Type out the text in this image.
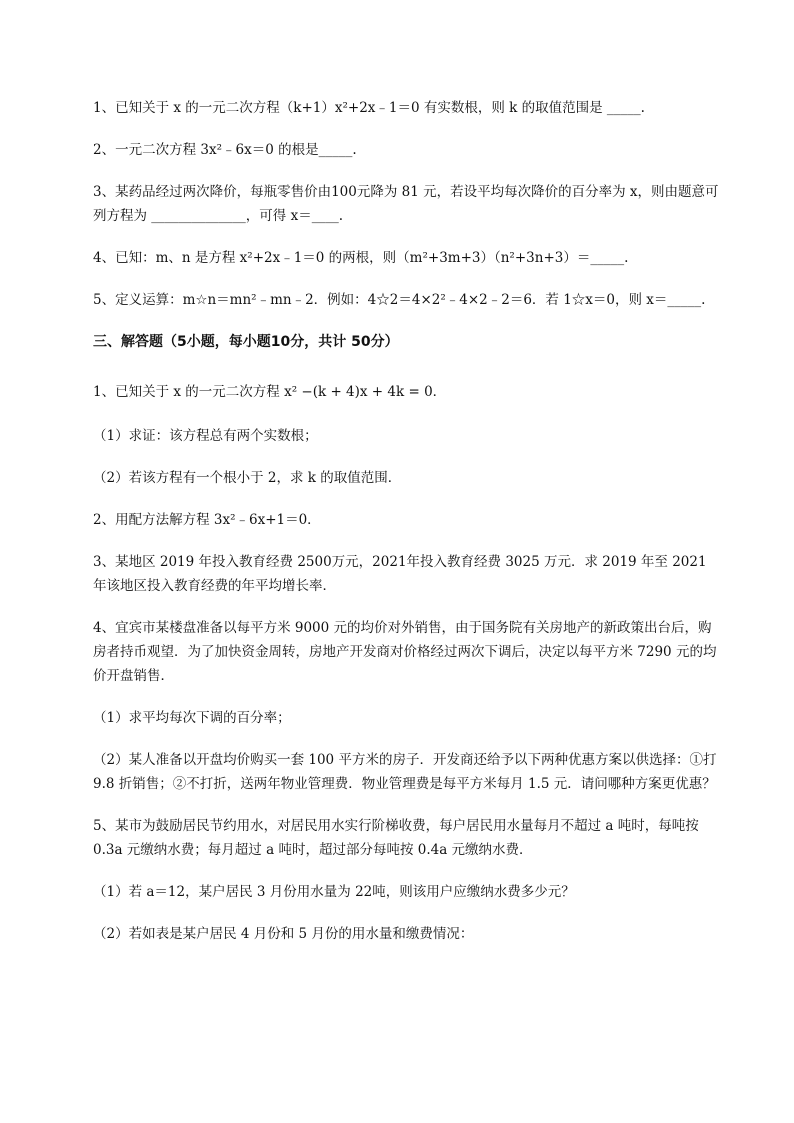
1、已知关于 x 的一元二次方程（k+1）x²+2x﹣1＝0 有实数根，则 k 的取值范围是 _____.
2、一元二次方程 3x²﹣6x＝0 的根是_____.
3、某药品经过两次降价，每瓶零售价由100元降为 81 元，若设平均每次降价的百分率为 x，则由题意可列方程为 ______________，可得 x＝____.
4、已知：m、n 是方程 x²+2x﹣1＝0 的两根，则（m²+3m+3）（n²+3n+3）＝_____.
5、定义运算：m☆n＝mn²﹣mn﹣2．例如：4☆2＝4×2²﹣4×2﹣2＝6．若 1☆x＝0，则 x＝_____.
三、解答题（5小题，每小题10分，共计 50分）
1、已知关于 x 的一元二次方程 x² −(k + 4)x + 4k = 0．
（1）求证：该方程总有两个实数根；
（2）若该方程有一个根小于 2，求 k 的取值范围．
2、用配方法解方程 3x²﹣6x+1＝0．
3、某地区 2019 年投入教育经费 2500万元，2021年投入教育经费 3025 万元．求 2019 年至 2021 年该地区投入教育经费的年平均增长率．
4、宜宾市某楼盘准备以每平方米 9000 元的均价对外销售，由于国务院有关房地产的新政策出台后，购房者持币观望．为了加快资金周转，房地产开发商对价格经过两次下调后，决定以每平方米 7290 元的均价开盘销售．
（1）求平均每次下调的百分率；
（2）某人准备以开盘均价购买一套 100 平方米的房子．开发商还给予以下两种优惠方案以供选择：①打 9.8 折销售；②不打折，送两年物业管理费．物业管理费是每平方米每月 1.5 元．请问哪种方案更优惠？
5、某市为鼓励居民节约用水，对居民用水实行阶梯收费，每户居民用水量每月不超过 a 吨时，每吨按 0.3a 元缴纳水费；每月超过 a 吨时，超过部分每吨按 0.4a 元缴纳水费．
（1）若 a＝12，某户居民 3 月份用水量为 22吨，则该用户应缴纳水费多少元？
（2）若如表是某户居民 4 月份和 5 月份的用水量和缴费情况：
